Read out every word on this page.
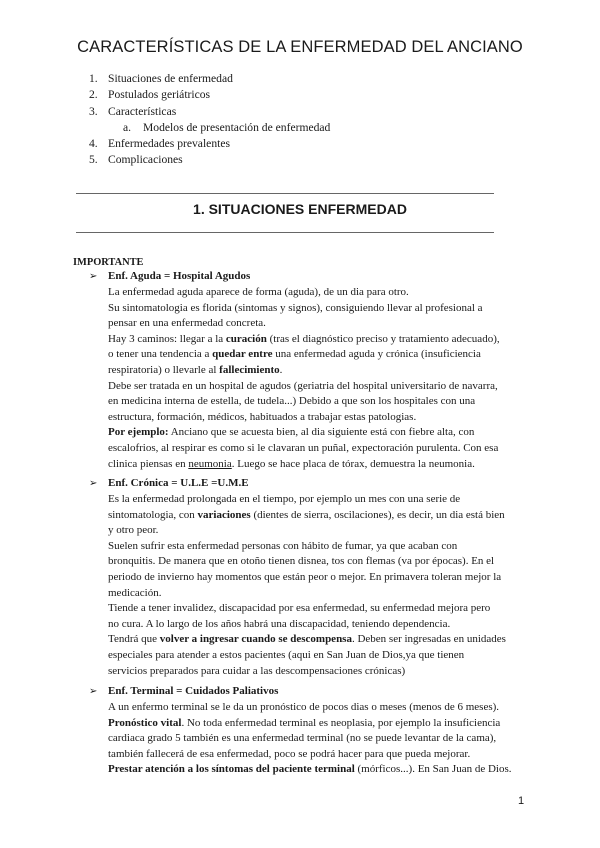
CARACTERÍSTICAS DE LA ENFERMEDAD DEL ANCIANO
1. Situaciones de enfermedad
2. Postulados geriátricos
3. Características
a.	Modelos de presentación de enfermedad
4. Enfermedades prevalentes
5. Complicaciones
1. SITUACIONES ENFERMEDAD
IMPORTANTE
➢ Enf. Aguda = Hospital Agudos
La enfermedad aguda aparece de forma (aguda), de un dia para otro.
Su sintomatologia es florida (sintomas y signos), consiguiendo llevar al profesional a
pensar en una enfermedad concreta.
Hay 3 caminos: llegar a la curación (tras el diagnóstico preciso y tratamiento adecuado),
o tener una tendencia a quedar entre una enfermedad aguda y crónica (insuficiencia
respiratoria) o llevarle al fallecimiento.
Debe ser tratada en un hospital de agudos (geriatria del hospital universitario de navarra,
en medicina interna de estella, de tudela...) Debido a que son los hospitales con una
estructura, formación, médicos, habituados a trabajar estas patologias.
Por ejemplo: Anciano que se acuesta bien, al dia siguiente está con fiebre alta, con
escalofrios, al respirar es como si le clavaran un puñal, expectoración purulenta. Con esa
clinica piensas en neumonia. Luego se hace placa de tórax, demuestra la neumonia.
➢ Enf. Crónica = U.L.E =U.M.E
Es la enfermedad prolongada en el tiempo, por ejemplo un mes con una serie de
sintomatologia, con variaciones (dientes de sierra, oscilaciones), es decir, un dia está bien
y otro peor.
Suelen sufrir esta enfermedad personas con hábito de fumar, ya que acaban con
bronquitis. De manera que en otoño tienen disnea, tos con flemas (va por épocas). En el
periodo de invierno hay momentos que están peor o mejor. En primavera toleran mejor la
medicación.
Tiende a tener invalidez, discapacidad por esa enfermedad, su enfermedad mejora pero
no cura. A lo largo de los años habrá una discapacidad, teniendo dependencia.
Tendrá que volver a ingresar cuando se descompensa. Deben ser ingresadas en unidades
especiales para atender a estos pacientes (aqui en San Juan de Dios,ya que tienen
servicios preparados para cuidar a las descompensaciones crónicas)
➢ Enf. Terminal = Cuidados Paliativos
A un enfermo terminal se le da un pronóstico de pocos dias o meses (menos de 6 meses).
Pronóstico vital. No toda enfermedad terminal es neoplasia, por ejemplo la insuficiencia
cardiaca grado 5 también es una enfermedad terminal (no se puede levantar de la cama),
también fallecerá de esa enfermedad, poco se podrá hacer para que pueda mejorar.
Prestar atención a los síntomas del paciente terminal (mórficos...). En San Juan de Dios.
1
